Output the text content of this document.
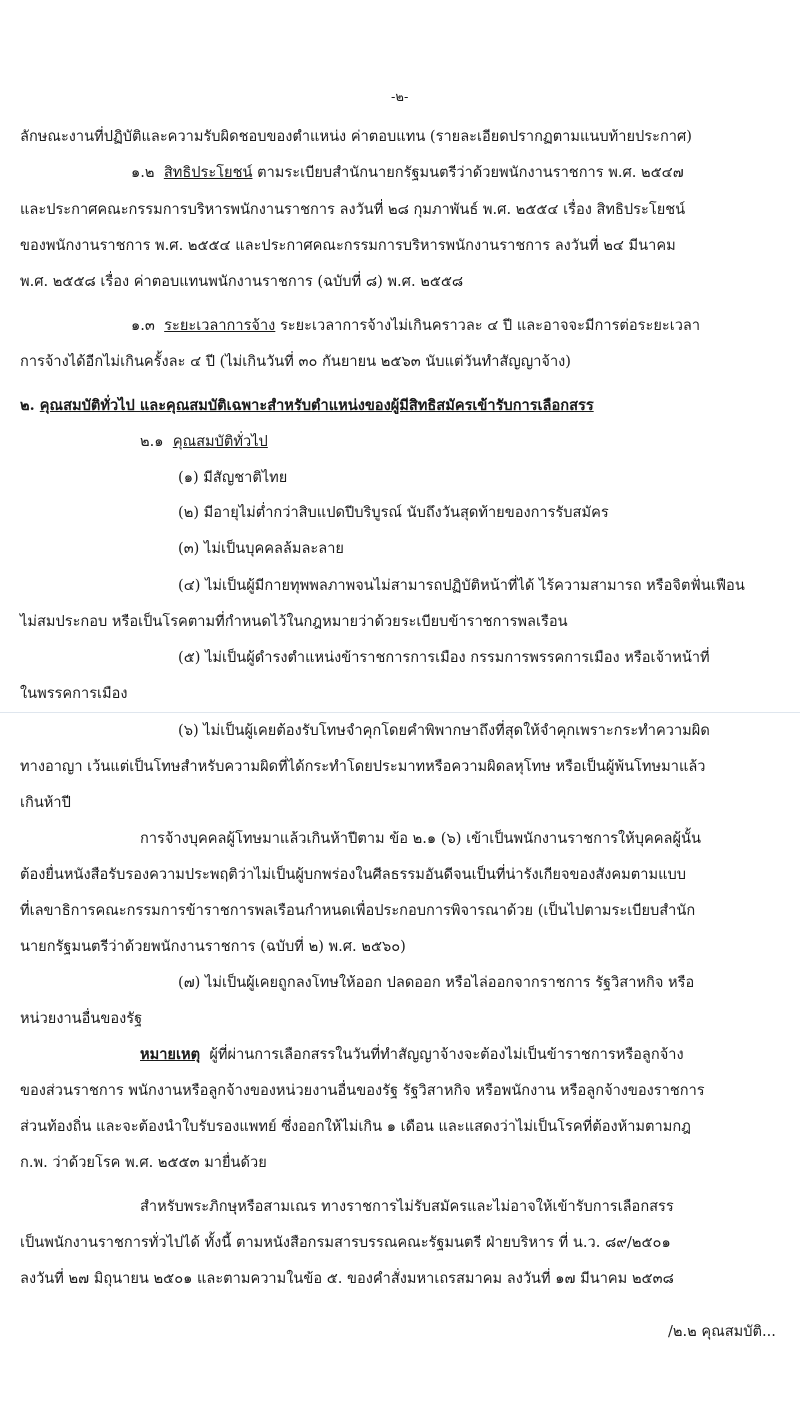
-๒-
ลักษณะงานที่ปฏิบัติและความรับผิดชอบของตำแหน่ง ค่าตอบแทน (รายละเอียดปรากฏตามแนบท้ายประกาศ)
๑.๒ สิทธิประโยชน์ ตามระเบียบสำนักนายกรัฐมนตรีว่าด้วยพนักงานราชการ พ.ศ. ๒๕๔๗
และประกาศคณะกรรมการบริหารพนักงานราชการ ลงวันที่ ๒๘ กุมภาพันธ์ พ.ศ. ๒๕๕๔ เรื่อง สิทธิประโยชน์
ของพนักงานราชการ พ.ศ. ๒๕๕๔ และประกาศคณะกรรมการบริหารพนักงานราชการ ลงวันที่ ๒๔ มีนาคม
พ.ศ. ๒๕๕๘ เรื่อง ค่าตอบแทนพนักงานราชการ (ฉบับที่ ๘) พ.ศ. ๒๕๕๘
๑.๓ ระยะเวลาการจ้าง ระยะเวลาการจ้างไม่เกินคราวละ ๔ ปี และอาจจะมีการต่อระยะเวลา
การจ้างได้อีกไม่เกินครั้งละ ๔ ปี (ไม่เกินวันที่ ๓๐ กันยายน ๒๕๖๓ นับแต่วันทำสัญญาจ้าง)
๒. คุณสมบัติทั่วไป และคุณสมบัติเฉพาะสำหรับตำแหน่งของผู้มีสิทธิสมัครเข้ารับการเลือกสรร
๒.๑ คุณสมบัติทั่วไป
(๑) มีสัญชาติไทย
(๒) มีอายุไม่ต่ำกว่าสิบแปดปีบริบูรณ์ นับถึงวันสุดท้ายของการรับสมัคร
(๓) ไม่เป็นบุคคลล้มละลาย
(๔) ไม่เป็นผู้มีกายทุพพลภาพจนไม่สามารถปฏิบัติหน้าที่ได้ ไร้ความสามารถ หรือจิตฟั่นเฟือน
ไม่สมประกอบ หรือเป็นโรคตามที่กำหนดไว้ในกฎหมายว่าด้วยระเบียบข้าราชการพลเรือน
(๕) ไม่เป็นผู้ดำรงตำแหน่งข้าราชการการเมือง กรรมการพรรคการเมือง หรือเจ้าหน้าที่
ในพรรคการเมือง
(๖) ไม่เป็นผู้เคยต้องรับโทษจำคุกโดยคำพิพากษาถึงที่สุดให้จำคุกเพราะกระทำความผิด
ทางอาญา เว้นแต่เป็นโทษสำหรับความผิดที่ได้กระทำโดยประมาทหรือความผิดลหุโทษ หรือเป็นผู้พ้นโทษมาแล้ว
เกินห้าปี
การจ้างบุคคลผู้โทษมาแล้วเกินห้าปีตาม ข้อ ๒.๑ (๖) เข้าเป็นพนักงานราชการให้บุคคลผู้นั้น
ต้องยื่นหนังสือรับรองความประพฤติว่าไม่เป็นผู้บกพร่องในศีลธรรมอันดีจนเป็นที่น่ารังเกียจของสังคมตามแบบ
ที่เลขาธิการคณะกรรมการข้าราชการพลเรือนกำหนดเพื่อประกอบการพิจารณาด้วย (เป็นไปตามระเบียบสำนัก
นายกรัฐมนตรีว่าด้วยพนักงานราชการ (ฉบับที่ ๒) พ.ศ. ๒๕๖๐)
(๗) ไม่เป็นผู้เคยถูกลงโทษให้ออก ปลดออก หรือไล่ออกจากราชการ รัฐวิสาหกิจ หรือ
หน่วยงานอื่นของรัฐ
หมายเหตุ ผู้ที่ผ่านการเลือกสรรในวันที่ทำสัญญาจ้างจะต้องไม่เป็นข้าราชการหรือลูกจ้าง
ของส่วนราชการ พนักงานหรือลูกจ้างของหน่วยงานอื่นของรัฐ รัฐวิสาหกิจ หรือพนักงาน หรือลูกจ้างของราชการ
ส่วนท้องถิ่น และจะต้องนำใบรับรองแพทย์ ซึ่งออกให้ไม่เกิน ๑ เดือน และแสดงว่าไม่เป็นโรคที่ต้องห้ามตามกฎ
ก.พ. ว่าด้วยโรค พ.ศ. ๒๕๕๓ มายื่นด้วย
สำหรับพระภิกษุหรือสามเณร ทางราชการไม่รับสมัครและไม่อาจให้เข้ารับการเลือกสรร
เป็นพนักงานราชการทั่วไปได้ ทั้งนี้ ตามหนังสือกรมสารบรรณคณะรัฐมนตรี ฝ่ายบริหาร ที่ น.ว. ๘๙/๒๕๐๑
ลงวันที่ ๒๗ มิถุนายน ๒๕๐๑ และตามความในข้อ ๕. ของคำสั่งมหาเถรสมาคม ลงวันที่ ๑๗ มีนาคม ๒๕๓๘
/๒.๒ คุณสมบัติ...
